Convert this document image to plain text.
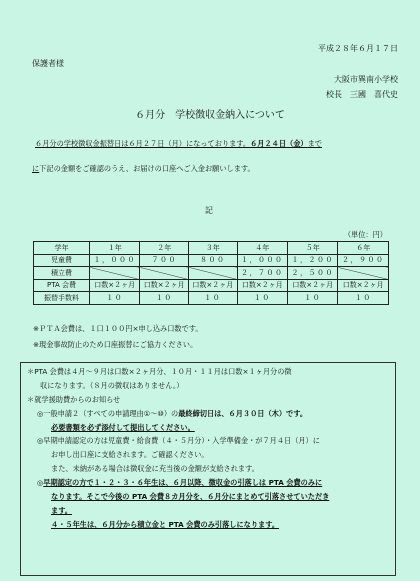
平成２８年６月１７日
保護者様
大阪市巽南小学校
校長　三國　喜代史
６月分　学校徴収金納入について
６月分の学校徴収金振替日は６月２７日（月）になっております。６月２４日（金）まで
に下記の金額をご確認のうえ、お届けの口座へご入金お願いします。
記
（単位：円）
学年	１年	２年	３年	４年	５年	６年
児童費	１，０００	７００	８００	１，０００	１，２００	２，９００
積立費				２，７００	２，５００	
PTA 会費	口数×２ヶ月	口数×２ヶ月	口数×２ヶ月	口数×２ヶ月	口数×２ヶ月	口数×２ヶ月
振替手数料	１０	１０	１０	１０	１０	１０
※ＰＴＡ会費は、１口１００円×申し込み口数です。
※現金事故防止のため口座振替にご協力ください。
＊PTA 会費は４月～９月は口数×２ヶ月分、１０月・１１月は口数×１ヶ月分の徴
収になります。（８月の徴収はありません。）
＊就学援助費からのお知らせ
◎一般申請２（すべての申請理由①～⑩）の最終締切日は、６月３０日（木）です。
必要書類を必ず添付して提出してください。
◎早期申請認定の方は児童費・給食費（４・５月分）・入学準備金・が７月４日（月）に
お申し出口座に支給されます。ご確認ください。
また、未納がある場合は徴収金に充当後の金額が支給されます。
◎早期認定の方で１・２・３・６年生は、６月以降、徴収金の引落しは PTA 会費のみに
なります。そこで今後の PTA 会費８カ月分を、６月分にまとめて引落させていただき
ます。
４・５年生は、６月分から積立金と PTA 会費のみ引落しになります。
